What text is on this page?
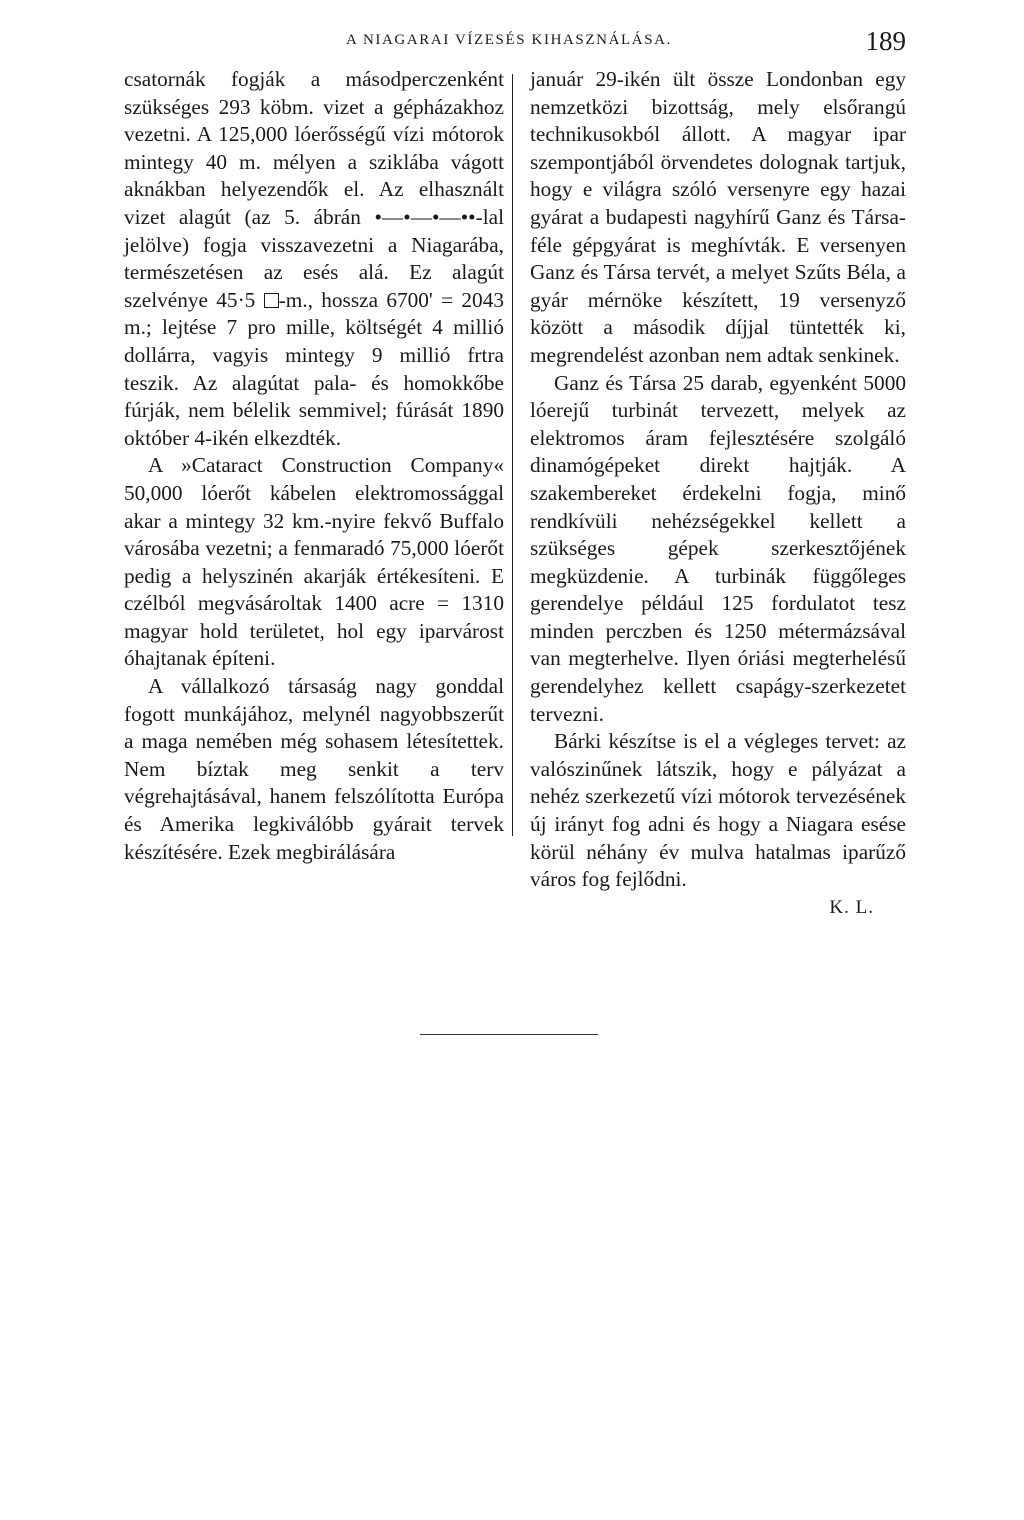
A NIAGARAI VÍZESÉS KIHASZNÁLÁSA.	189

csatornák fogják a másodperczenként szükséges 293 köbm. vizet a gépházakhoz vezetni. A 125,000 lóerősségű vízi mótorok mintegy 40 m. mélyen a sziklába vágott aknákban helyezendők el. Az elhasznált vizet alagút (az 5. ábrán •—•—•—••-lal jelölve) fogja visszavezetni a Niagarába, természetésen az esés alá. Ez alagút szelvénye 45·5 -m., hossza 6700' = 2043 m.; lejtése 7 pro mille, költségét 4 millió dollárra, vagyis mintegy 9 millió frtra teszik. Az alagútat pala- és homokkőbe fúrják, nem bélelik semmivel; fúrását 1890 október 4-ikén elkezdték.

A »Cataract Construction Company« 50,000 lóerőt kábelen elektromossággal akar a mintegy 32 km.-nyire fekvő Buffalo városába vezetni; a fenmaradó 75,000 lóerőt pedig a helyszinén akarják értékesíteni. E czélból megvásároltak 1400 acre = 1310 magyar hold területet, hol egy iparvárost óhajtanak építeni.

A vállalkozó társaság nagy gonddal fogott munkájához, melynél nagyobbszerűt a maga nemében még sohasem létesítettek. Nem bíztak meg senkit a terv végrehajtásával, hanem felszólította Európa és Amerika legkiválóbb gyárait tervek készítésére. Ezek megbirálására

január 29-ikén ült össze Londonban egy nemzetközi bizottság, mely elsőrangú technikusokból állott. A magyar ipar szempontjából örvendetes dolognak tartjuk, hogy e világra szóló versenyre egy hazai gyárat a budapesti nagyhírű Ganz és Társa-féle gépgyárat is meghívták. E versenyen Ganz és Társa tervét, a melyet Szűts Béla, a gyár mérnöke készített, 19 versenyző között a második díjjal tüntették ki, megrendelést azonban nem adtak senkinek.

Ganz és Társa 25 darab, egyenként 5000 lóerejű turbinát tervezett, melyek az elektromos áram fejlesztésére szolgáló dinamógépeket direkt hajtják. A szakembereket érdekelni fogja, minő rendkívüli nehézségekkel kellett a szükséges gépek szerkesztőjének megküzdenie. A turbinák függőleges gerendelye például 125 fordulatot tesz minden perczben és 1250 métermázsával van megterhelve. Ilyen óriási megterhelésű gerendelyhez kellett csapágy-szerkezetet tervezni.

Bárki készítse is el a végleges tervet: az valószinűnek látszik, hogy e pályázat a nehéz szerkezetű vízi mótorok tervezésének új irányt fog adni és hogy a Niagara esése körül néhány év mulva hatalmas iparűző város fog fejlődni.

K. L.
